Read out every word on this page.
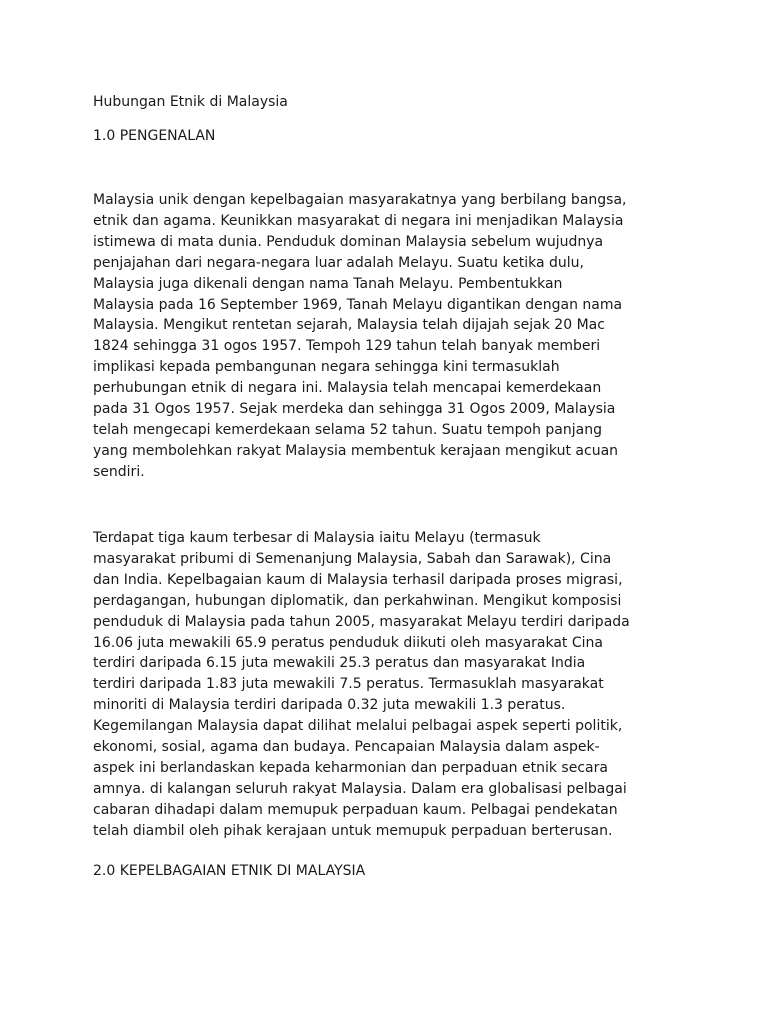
Hubungan Etnik di Malaysia
1.0 PENGENALAN
Malaysia unik dengan kepelbagaian masyarakatnya yang berbilang bangsa,
etnik dan agama. Keunikkan masyarakat di negara ini menjadikan Malaysia
istimewa di mata dunia. Penduduk dominan Malaysia sebelum wujudnya
penjajahan dari negara-negara luar adalah Melayu. Suatu ketika dulu,
Malaysia juga dikenali dengan nama Tanah Melayu. Pembentukkan
Malaysia pada 16 September 1969, Tanah Melayu digantikan dengan nama
Malaysia. Mengikut rentetan sejarah, Malaysia telah dijajah sejak 20 Mac
1824 sehingga 31 ogos 1957. Tempoh 129 tahun telah banyak memberi
implikasi kepada pembangunan negara sehingga kini termasuklah
perhubungan etnik di negara ini. Malaysia telah mencapai kemerdekaan
pada 31 Ogos 1957. Sejak merdeka dan sehingga 31 Ogos 2009, Malaysia
telah mengecapi kemerdekaan selama 52 tahun. Suatu tempoh panjang
yang membolehkan rakyat Malaysia membentuk kerajaan mengikut acuan
sendiri.
Terdapat tiga kaum terbesar di Malaysia iaitu Melayu (termasuk
masyarakat pribumi di Semenanjung Malaysia, Sabah dan Sarawak), Cina
dan India. Kepelbagaian kaum di Malaysia terhasil daripada proses migrasi,
perdagangan, hubungan diplomatik, dan perkahwinan. Mengikut komposisi
penduduk di Malaysia pada tahun 2005, masyarakat Melayu terdiri daripada
16.06 juta mewakili 65.9 peratus penduduk diikuti oleh masyarakat Cina
terdiri daripada 6.15 juta mewakili 25.3 peratus dan masyarakat India
terdiri daripada 1.83 juta mewakili 7.5 peratus. Termasuklah masyarakat
minoriti di Malaysia terdiri daripada 0.32 juta mewakili 1.3 peratus.
Kegemilangan Malaysia dapat dilihat melalui pelbagai aspek seperti politik,
ekonomi, sosial, agama dan budaya. Pencapaian Malaysia dalam aspek-
aspek ini berlandaskan kepada keharmonian dan perpaduan etnik secara
amnya. di kalangan seluruh rakyat Malaysia. Dalam era globalisasi pelbagai
cabaran dihadapi dalam memupuk perpaduan kaum. Pelbagai pendekatan
telah diambil oleh pihak kerajaan untuk memupuk perpaduan berterusan.
2.0 KEPELBAGAIAN ETNIK DI MALAYSIA
